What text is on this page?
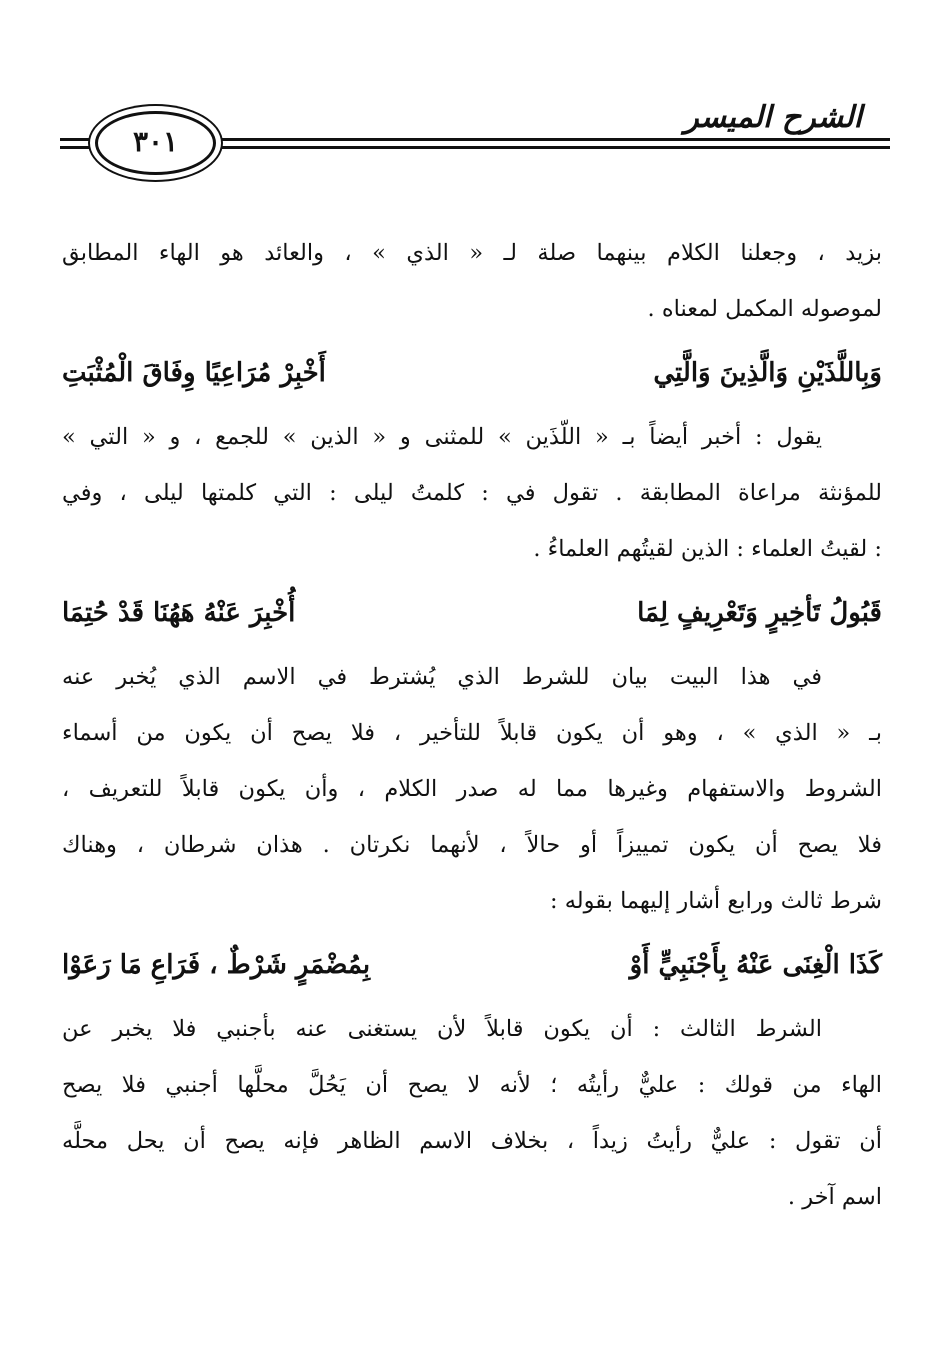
الشرح الميسر
٣٠١
بزيد ، وجعلنا الكلام بينهما صلة لـ « الذي » ، والعائد هو الهاء المطابق
لموصوله المكمل لمعناه .
وَبِاللَّذَيْنِ وَالَّذِينَ وَالَّتِي
أَخْبِرْ مُرَاعِيًا وِفَاقَ الْمُثْبَتِ
يقول : أخبر أيضاً بـ « اللّذَين » للمثنى و « الذين » للجمع ، و « التي »
للمؤنثة مراعاة المطابقة . تقول في : كلمتُ ليلى : التي كلمتها ليلى ، وفي
: لقيتُ العلماء : الذين لقيتُهم العلماءُ .
قَبُولُ تَأخِيرٍ وَتَعْرِيفٍ لِمَا
أُخْبِرَ عَنْهُ هَهُنَا قَدْ حُتِمَا
في هذا البيت بيان للشرط الذي يُشترط في الاسم الذي يُخبر عنه
بـ « الذي » ، وهو أن يكون قابلاً للتأخير ، فلا يصح أن يكون من أسماء
الشروط والاستفهام وغيرها مما له صدر الكلام ، وأن يكون قابلاً للتعريف ،
فلا يصح أن يكون تمييزاً أو حالاً ، لأنهما نكرتان . هذان شرطان ، وهناك
شرط ثالث ورابع أشار إليهما بقوله :
كَذَا الْغِنَى عَنْهُ بِأَجْنَبِيٍّ أَوْ
بِمُضْمَرٍ شَرْطٌ ، فَرَاعِ مَا رَعَوْا
الشرط الثالث : أن يكون قابلاً لأن يستغنى عنه بأجنبي فلا يخبر عن
الهاء من قولك : عليٌّ رأيتُه ؛ لأنه لا يصح أن يَحُلَّ محلَّها أجنبي فلا يصح
أن تقول : عليٌّ رأيتُ زيداً ، بخلاف الاسم الظاهر فإنه يصح أن يحل محلَّه
اسم آخر .
